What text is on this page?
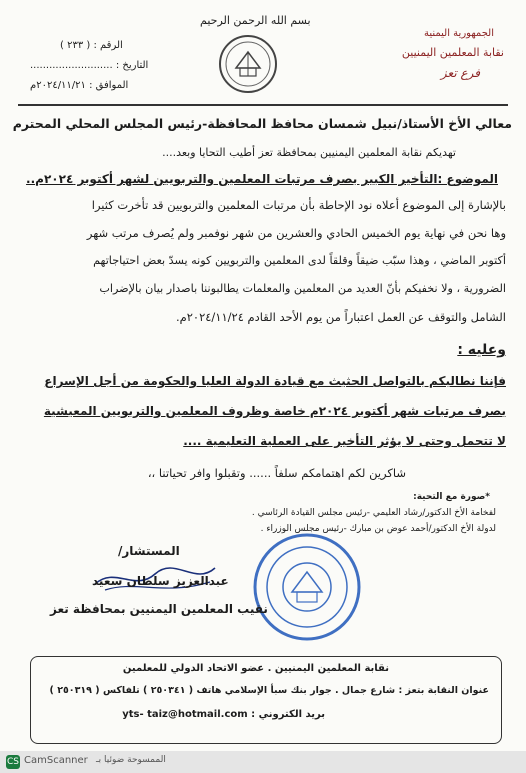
بسم الله الرحمن الرحيم
الجمهورية اليمنية
نقابة المعلمين اليمنيين
فرع تعز
الرقم : ( ٢٣٣ )
التاريخ : ..........................
الموافق : ٢٠٢٤/١١/٢١م
معالي الأخ الأستاذ/نبيل شمسان محافظ المحافظة-رئيس المجلس المحلي المحترم
تهديكم نقابة المعلمين اليمنيين بمحافظة تعز أطيب التحايا وبعد....
الموضوع :التأخير الكبير بصرف مرتبات المعلمين والتربويين لشهر أكتوبر ٢٠٢٤م..
بالإشارة إلى الموضوع أعلاه نود الإحاطة بأن مرتبات المعلمين والتربويين قد تأخرت كثيرا
وها نحن في نهاية يوم الخميس الحادي والعشرين من شهر نوفمبر ولم يُصرف مرتب شهر
أكتوبر الماضي ، وهذا سبّب ضيقاً وقلقاً لدى المعلمين والتربويين كونه يسدّ بعض احتياجاتهم
الضرورية ، ولا نخفيكم بأنّ العديد من المعلمين والمعلمات يطالبوننا باصدار بيان بالإضراب
الشامل والتوقف عن العمل اعتباراً من يوم الأحد القادم ٢٠٢٤/١١/٢٤م.
وعليه :
فإننا نطالبكم بالتواصل الحثيث مع قيادة الدولة العليا والحكومة من أجل الإسراع
بصرف مرتبات شهر أكتوبر ٢٠٢٤م خاصة وظروف المعلمين والتربويين المعيشية
لا تتحمل وحتى لا يؤثر التأخير على العملية التعليمية ....
شاكرين لكم اهتمامكم سلفاً ...... وتقبلوا وافر تحياتنا ،،
*صورة مع التحية:
لفخامة الأخ الدكتور/رشاد العليمي -رئيس مجلس القيادة الرئاسي .
لدولة الأخ الدكتور/أحمد عوض بن مبارك -رئيس مجلس الوزراء .
المستشار/
عبدالعزيز سلطان سعيد
نقيب المعلمين اليمنيين بمحافظة تعز
نقابة المعلمين اليمنيين . عضو الاتحاد الدولي للمعلمين
عنوان النقابة بتعز : شارع جمال . جوار بنك سبأ الإسلامي هاتف ( ٢٥٠٣٤١ ) تلفاكس ( ٢٥٠٣١٩ )
بريد الكتروني : yts- taiz@hotmail.com
CS CamScanner الممسوحة ضوئيا بـ
